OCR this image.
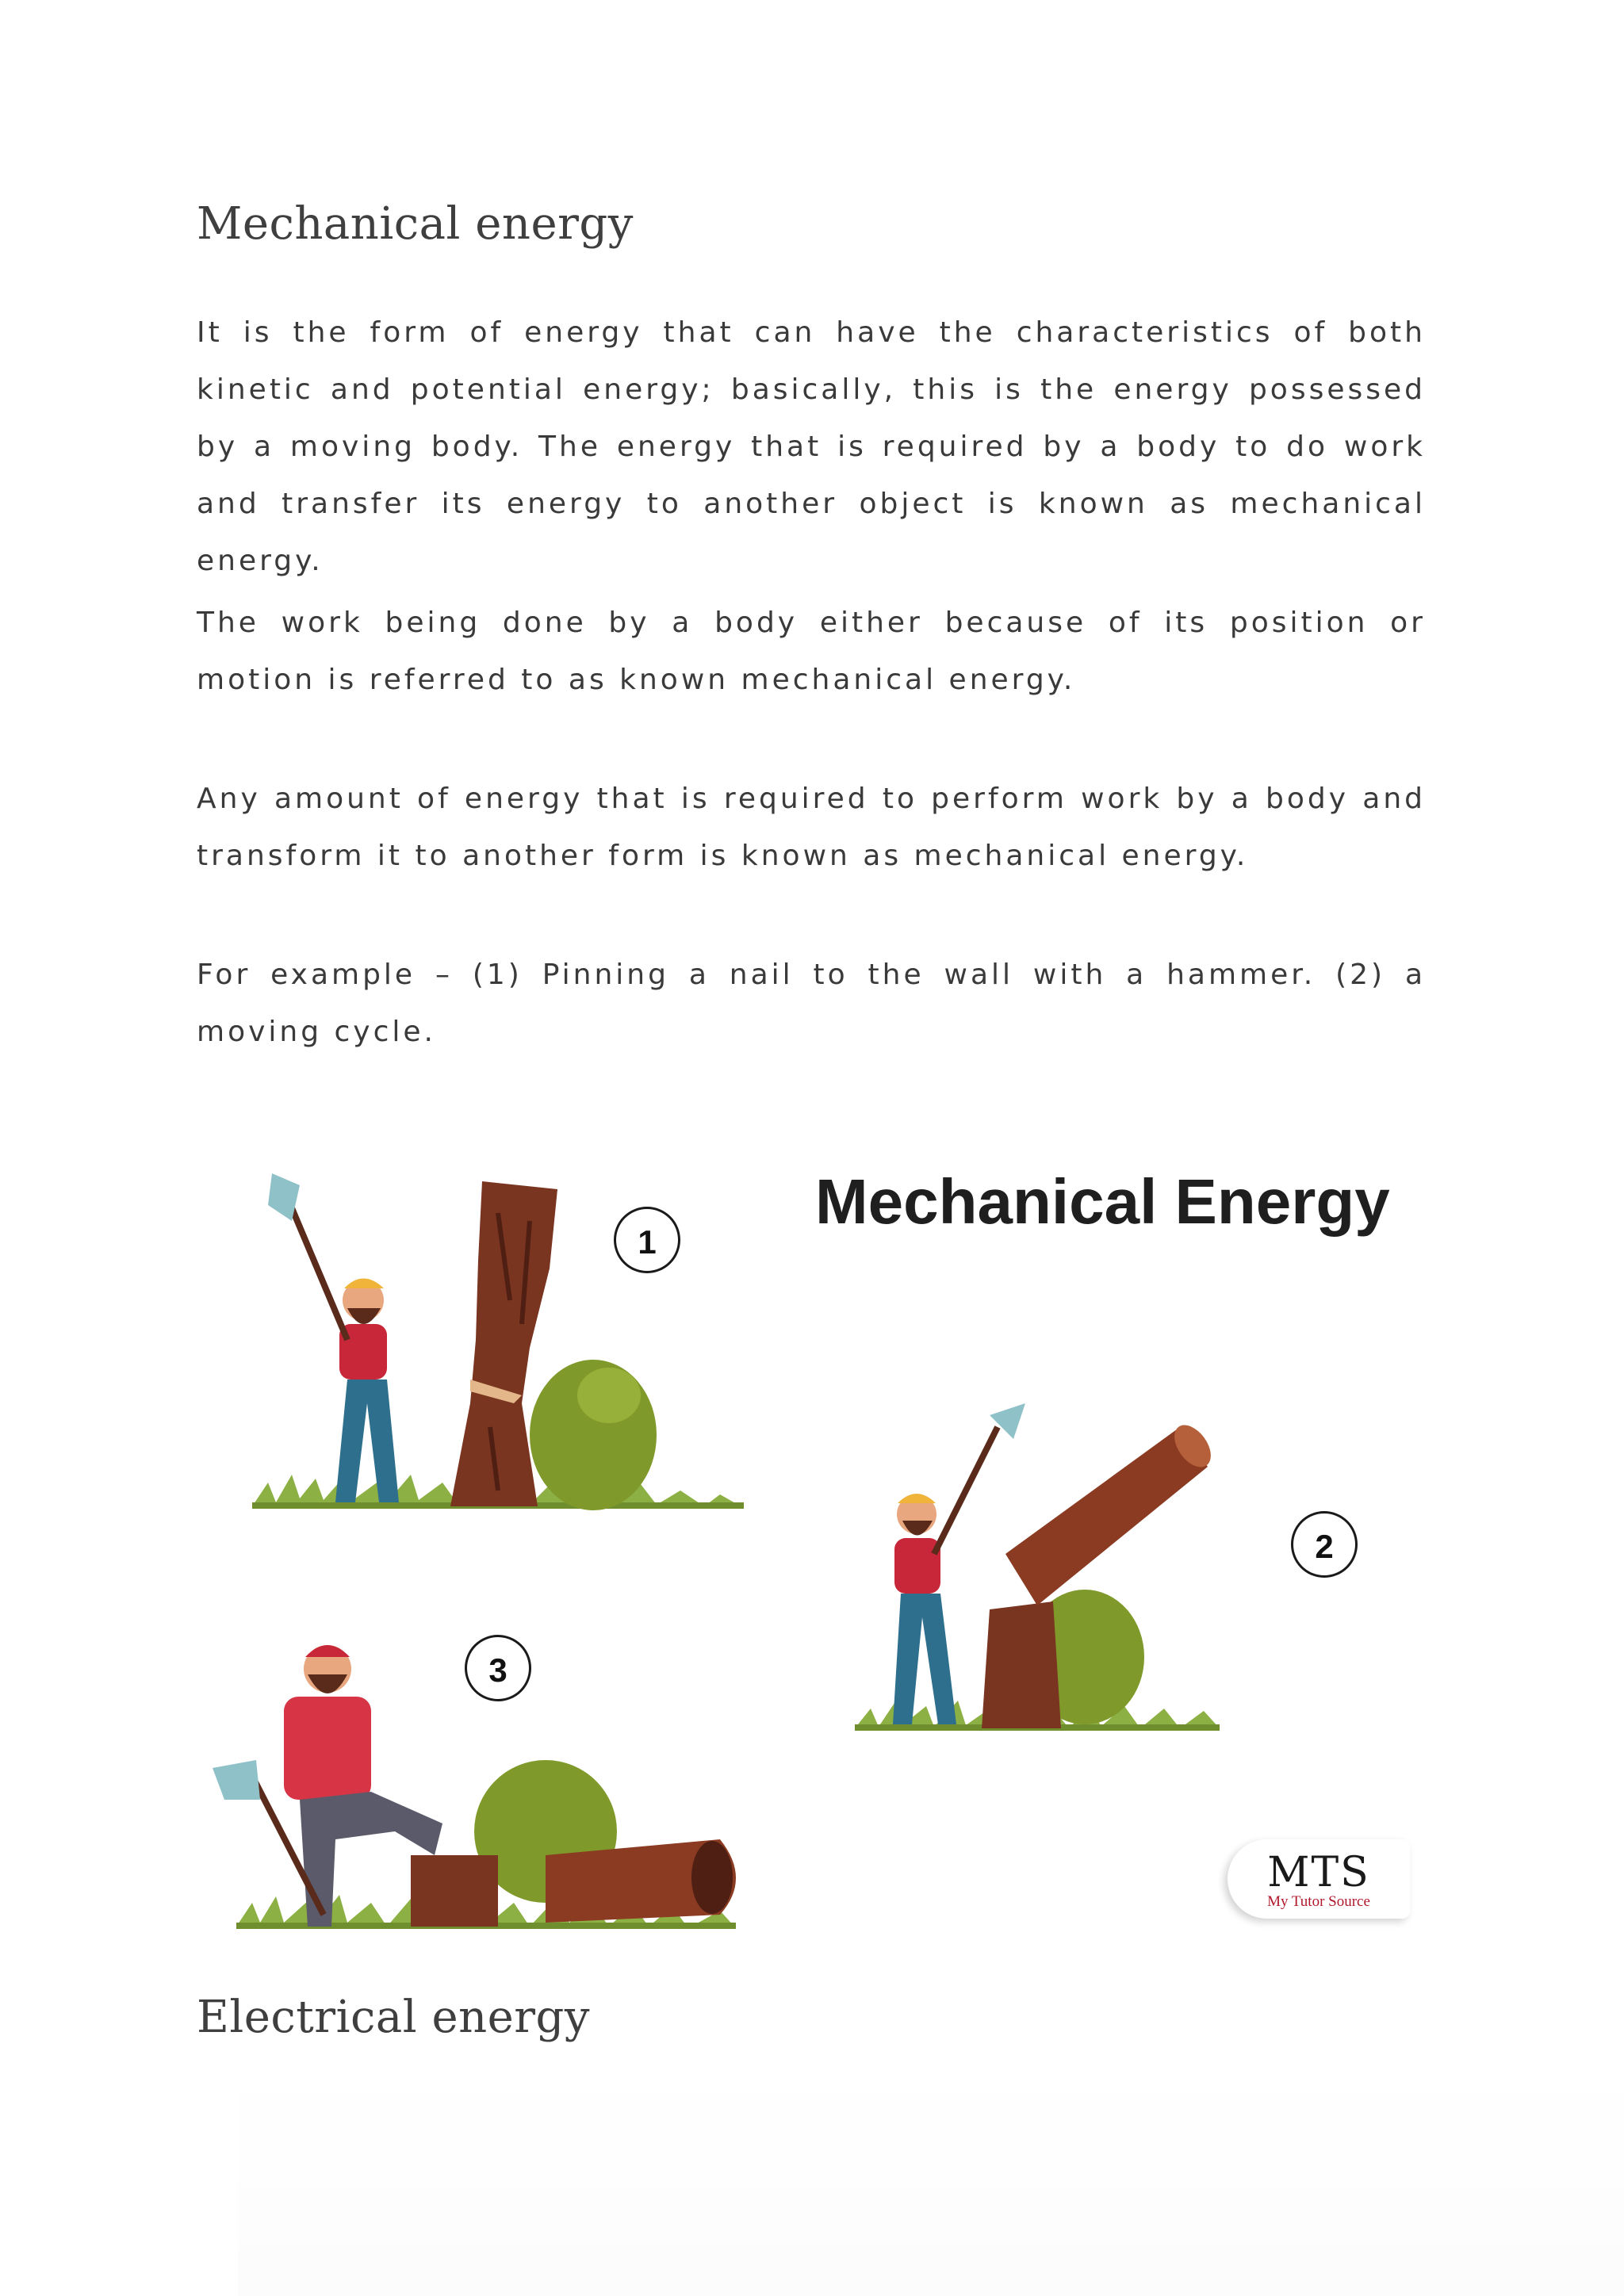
Mechanical energy

It is the form of energy that can have the characteristics of both kinetic and potential energy; basically, this is the energy possessed by a moving body. The energy that is required by a body to do work and transfer its energy to another object is known as mechanical energy.

The work being done by a body either because of its position or motion is referred to as known mechanical energy.

Any amount of energy that is required to perform work by a body and transform it to another form is known as mechanical energy.

For example – (1) Pinning a nail to the wall with a hammer. (2) a moving cycle.

Mechanical Energy
1
2
3
MTS
My Tutor Source
Electrical energy
